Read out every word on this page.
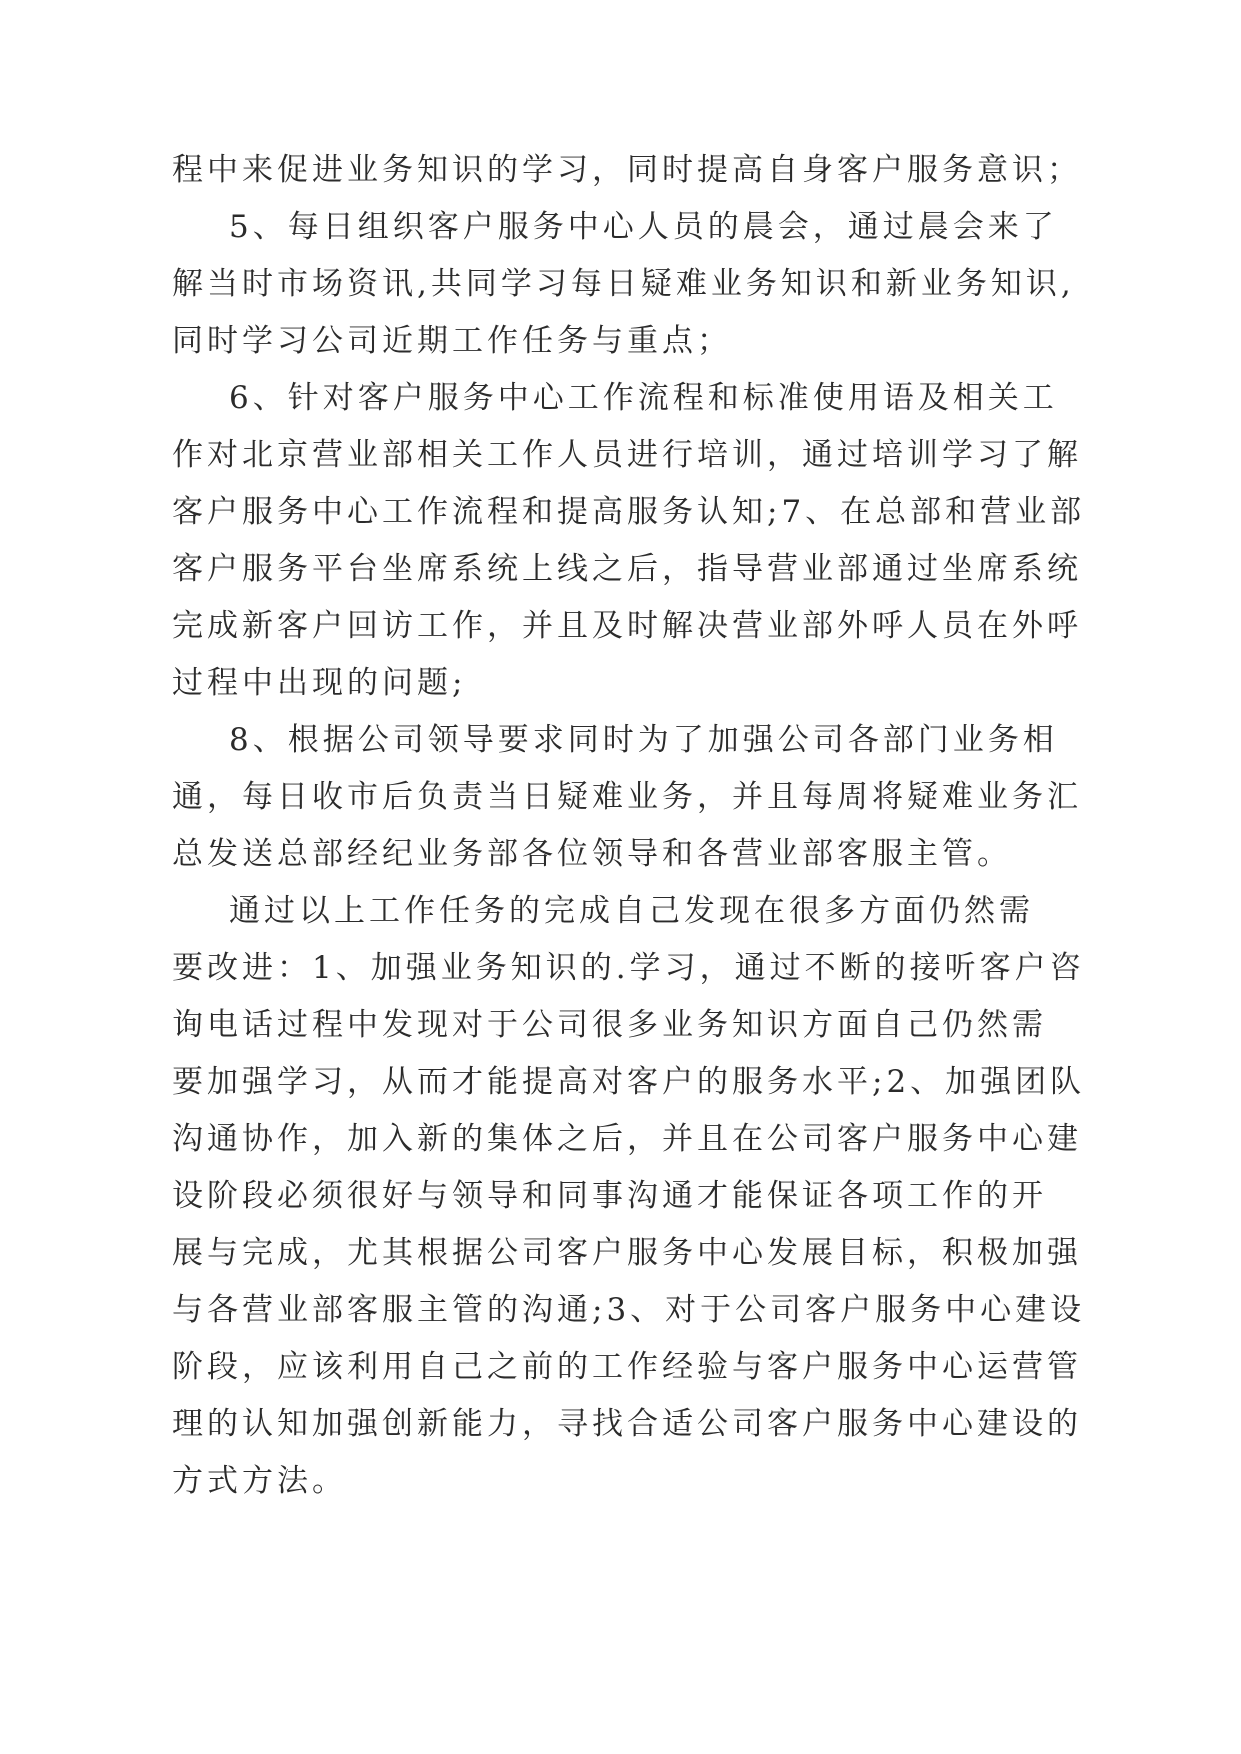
程中来促进业务知识的学习，同时提高自身客户服务意识；
5、每日组织客户服务中心人员的晨会，通过晨会来了
解当时市场资讯,共同学习每日疑难业务知识和新业务知识,
同时学习公司近期工作任务与重点；
6、针对客户服务中心工作流程和标准使用语及相关工
作对北京营业部相关工作人员进行培训，通过培训学习了解
客户服务中心工作流程和提高服务认知;7、在总部和营业部
客户服务平台坐席系统上线之后，指导营业部通过坐席系统
完成新客户回访工作，并且及时解决营业部外呼人员在外呼
过程中出现的问题;
8、根据公司领导要求同时为了加强公司各部门业务相
通，每日收市后负责当日疑难业务，并且每周将疑难业务汇
总发送总部经纪业务部各位领导和各营业部客服主管。
通过以上工作任务的完成自己发现在很多方面仍然需
要改进：1、加强业务知识的.学习，通过不断的接听客户咨
询电话过程中发现对于公司很多业务知识方面自己仍然需
要加强学习，从而才能提高对客户的服务水平;2、加强团队
沟通协作，加入新的集体之后，并且在公司客户服务中心建
设阶段必须很好与领导和同事沟通才能保证各项工作的开
展与完成，尤其根据公司客户服务中心发展目标，积极加强
与各营业部客服主管的沟通;3、对于公司客户服务中心建设
阶段，应该利用自己之前的工作经验与客户服务中心运营管
理的认知加强创新能力，寻找合适公司客户服务中心建设的
方式方法。
